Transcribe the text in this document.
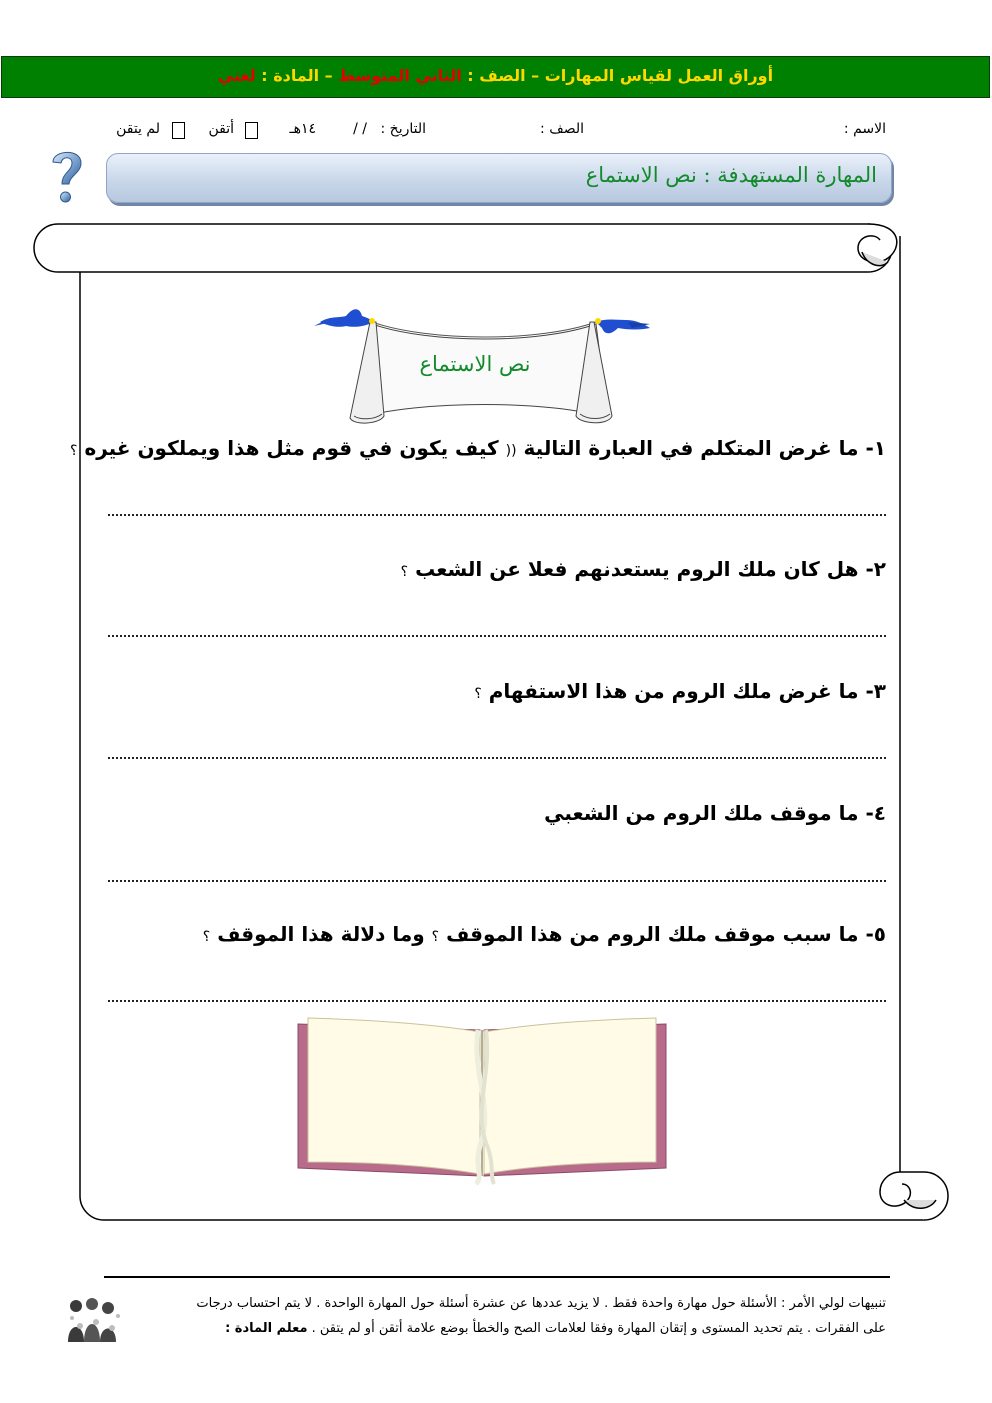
أوراق العمل لقياس المهارات – الصف : الثاني المتوسط – المادة : لغتي
الاسم :
الصف :
التاريخ :
/ /
١٤هـ
أتقن
لم يتقن
المهارة المستهدفة : نص الاستماع
نص الاستماع
١- ما غرض المتكلم في العبارة التالية (( كيف يكون في قوم مثل هذا ويملكون غيره ؟
٢- هل كان ملك الروم يستعدنهم فعلا عن الشعب ؟
٣- ما غرض ملك الروم من هذا الاستفهام ؟
٤- ما موقف ملك الروم من الشعبي
٥- ما سبب موقف ملك الروم من هذا الموقف ؟ وما دلالة هذا الموقف ؟
تنبيهات لولي الأمر : الأسئلة حول مهارة واحدة فقط . لا يزيد عددها عن عشرة أسئلة حول المهارة الواحدة . لا يتم احتساب درجات
على الفقرات . يتم تحديد المستوى و إتقان المهارة وفقا لعلامات الصح والخطأ بوضع علامة أتقن أو لم يتقن . معلم المادة :
